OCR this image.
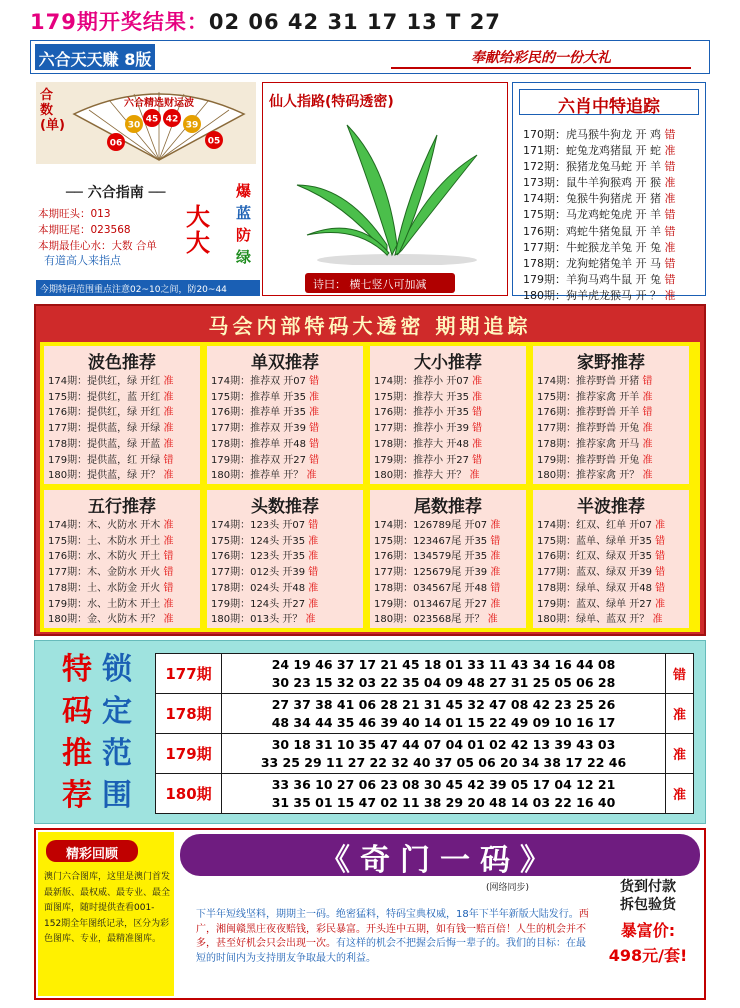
179期开奖结果：02 06 42 31 17 13 T 27
六合天天赚 8版	奉献给彩民的一份大礼
合数(单)
六合精选财运波
06
30
45 42
39
05
── 六合指南 ──
本期旺头：013
本期旺尾：023568
本期最佳心水：大数 合单
有道高人来指点
大
大
爆
蓝
防
绿
今期特码范围重点注意02~10之间，防20~44
仙人指路(特码透密)
诗曰： 横七竖八可加减
六肖中特追踪
170期：虎马猴牛狗龙 开 鸡 错
171期：蛇兔龙鸡猪鼠 开 蛇 准
172期：猴猪龙兔马蛇 开 羊 错
173期：鼠牛羊狗猴鸡 开 猴 准
174期：兔猴牛狗猪虎 开 猪 准
175期：马龙鸡蛇兔虎 开 羊 错
176期：鸡蛇牛猪兔鼠 开 羊 错
177期：牛蛇猴龙羊兔 开 兔 准
178期：龙狗蛇猪兔羊 开 马 错
179期：羊狗马鸡牛鼠 开 兔 错
180期：狗羊虎龙猴马 开 ？ 准
马会内部特码大透密 期期追踪
波色推荐
174期：提供红，绿 开红 准
175期：提供红，蓝 开红 准
176期：提供红，绿 开红 准
177期：提供蓝，绿 开绿 准
178期：提供蓝，绿 开蓝 准
179期：提供蓝，红 开绿 错
180期：提供蓝，绿 开？ 准
单双推荐
174期：推荐双 开07 错
175期：推荐单 开35 准
176期：推荐单 开35 准
177期：推荐双 开39 错
178期：推荐单 开48 错
179期：推荐双 开27 错
180期：推荐单 开？ 准
大小推荐
174期：推荐小 开07 准
175期：推荐大 开35 准
176期：推荐小 开35 错
177期：推荐小 开39 错
178期：推荐大 开48 准
179期：推荐小 开27 错
180期：推荐大 开？ 准
家野推荐
174期：推荐野兽 开猪 错
175期：推荐家禽 开羊 准
176期：推荐野兽 开羊 错
177期：推荐野兽 开兔 准
178期：推荐家禽 开马 准
179期：推荐野兽 开兔 准
180期：推荐家禽 开？ 准
五行推荐
174期：木、火防水 开木 准
175期：土、木防水 开土 准
176期：水、木防火 开土 错
177期：木、金防水 开火 错
178期：土、水防金 开火 错
179期：水、土防木 开土 准
180期：金、火防木 开？ 准
头数推荐
174期：123头 开07 错
175期：124头 开35 准
176期：123头 开35 准
177期：012头 开39 错
178期：024头 开48 准
179期：124头 开27 准
180期：013头 开？ 准
尾数推荐
174期：126789尾 开07 准
175期：123467尾 开35 错
176期：134579尾 开35 准
177期：125679尾 开39 准
178期：034567尾 开48 错
179期：013467尾 开27 准
180期：023568尾 开？ 准
半波推荐
174期：红双、红单 开07 准
175期：蓝单、绿单 开35 错
176期：红双、绿双 开35 错
177期：蓝双、绿双 开39 错
178期：绿单、绿双 开48 错
179期：蓝双、绿单 开27 准
180期：绿单、蓝双 开？ 准
特
码
推
荐
锁
定
范
围
177期	24 19 46 37 17 21 45 18 01 33 11 43 34 16 44 08
30 23 15 32 03 22 35 04 09 48 27 31 25 05 06 28	错
178期	27 37 38 41 06 28 21 31 45 32 47 08 42 23 25 26
48 34 44 35 46 39 40 14 01 15 22 49 09 10 16 17	准
179期	30 18 31 10 35 47 44 07 04 01 02 42 13 39 43 03
33 25 29 11 27 22 32 40 37 05 06 20 34 38 17 22 46	准
180期	33 36 10 27 06 23 08 30 45 42 39 05 17 04 12 21
31 35 01 15 47 02 11 38 29 20 48 14 03 22 16 40	准
精彩回顾
澳门六合图库，这里是澳门首发最新版、最权威、最专业、最全面图库，随时提供查看001-152期全年图纸记录，区分为彩色图库、专业，最精准图库。
《奇门一码》
(网络同步)
下半年短线坚料，期期主一码。绝密猛料，特码宝典权威，18年下半年新版大陆发行。西广，湘闽赣黑庄夜夜赔钱，彩民暴富。开头连中五期，如有钱一赔百倍！人生的机会并不多，甚至好机会只会出现一次。有这样的机会不把握会后悔一辈子的。我们的目标：在最短的时间内为支持朋友争取最大的利益。
货到付款
拆包验货
暴富价:
498元/套!
